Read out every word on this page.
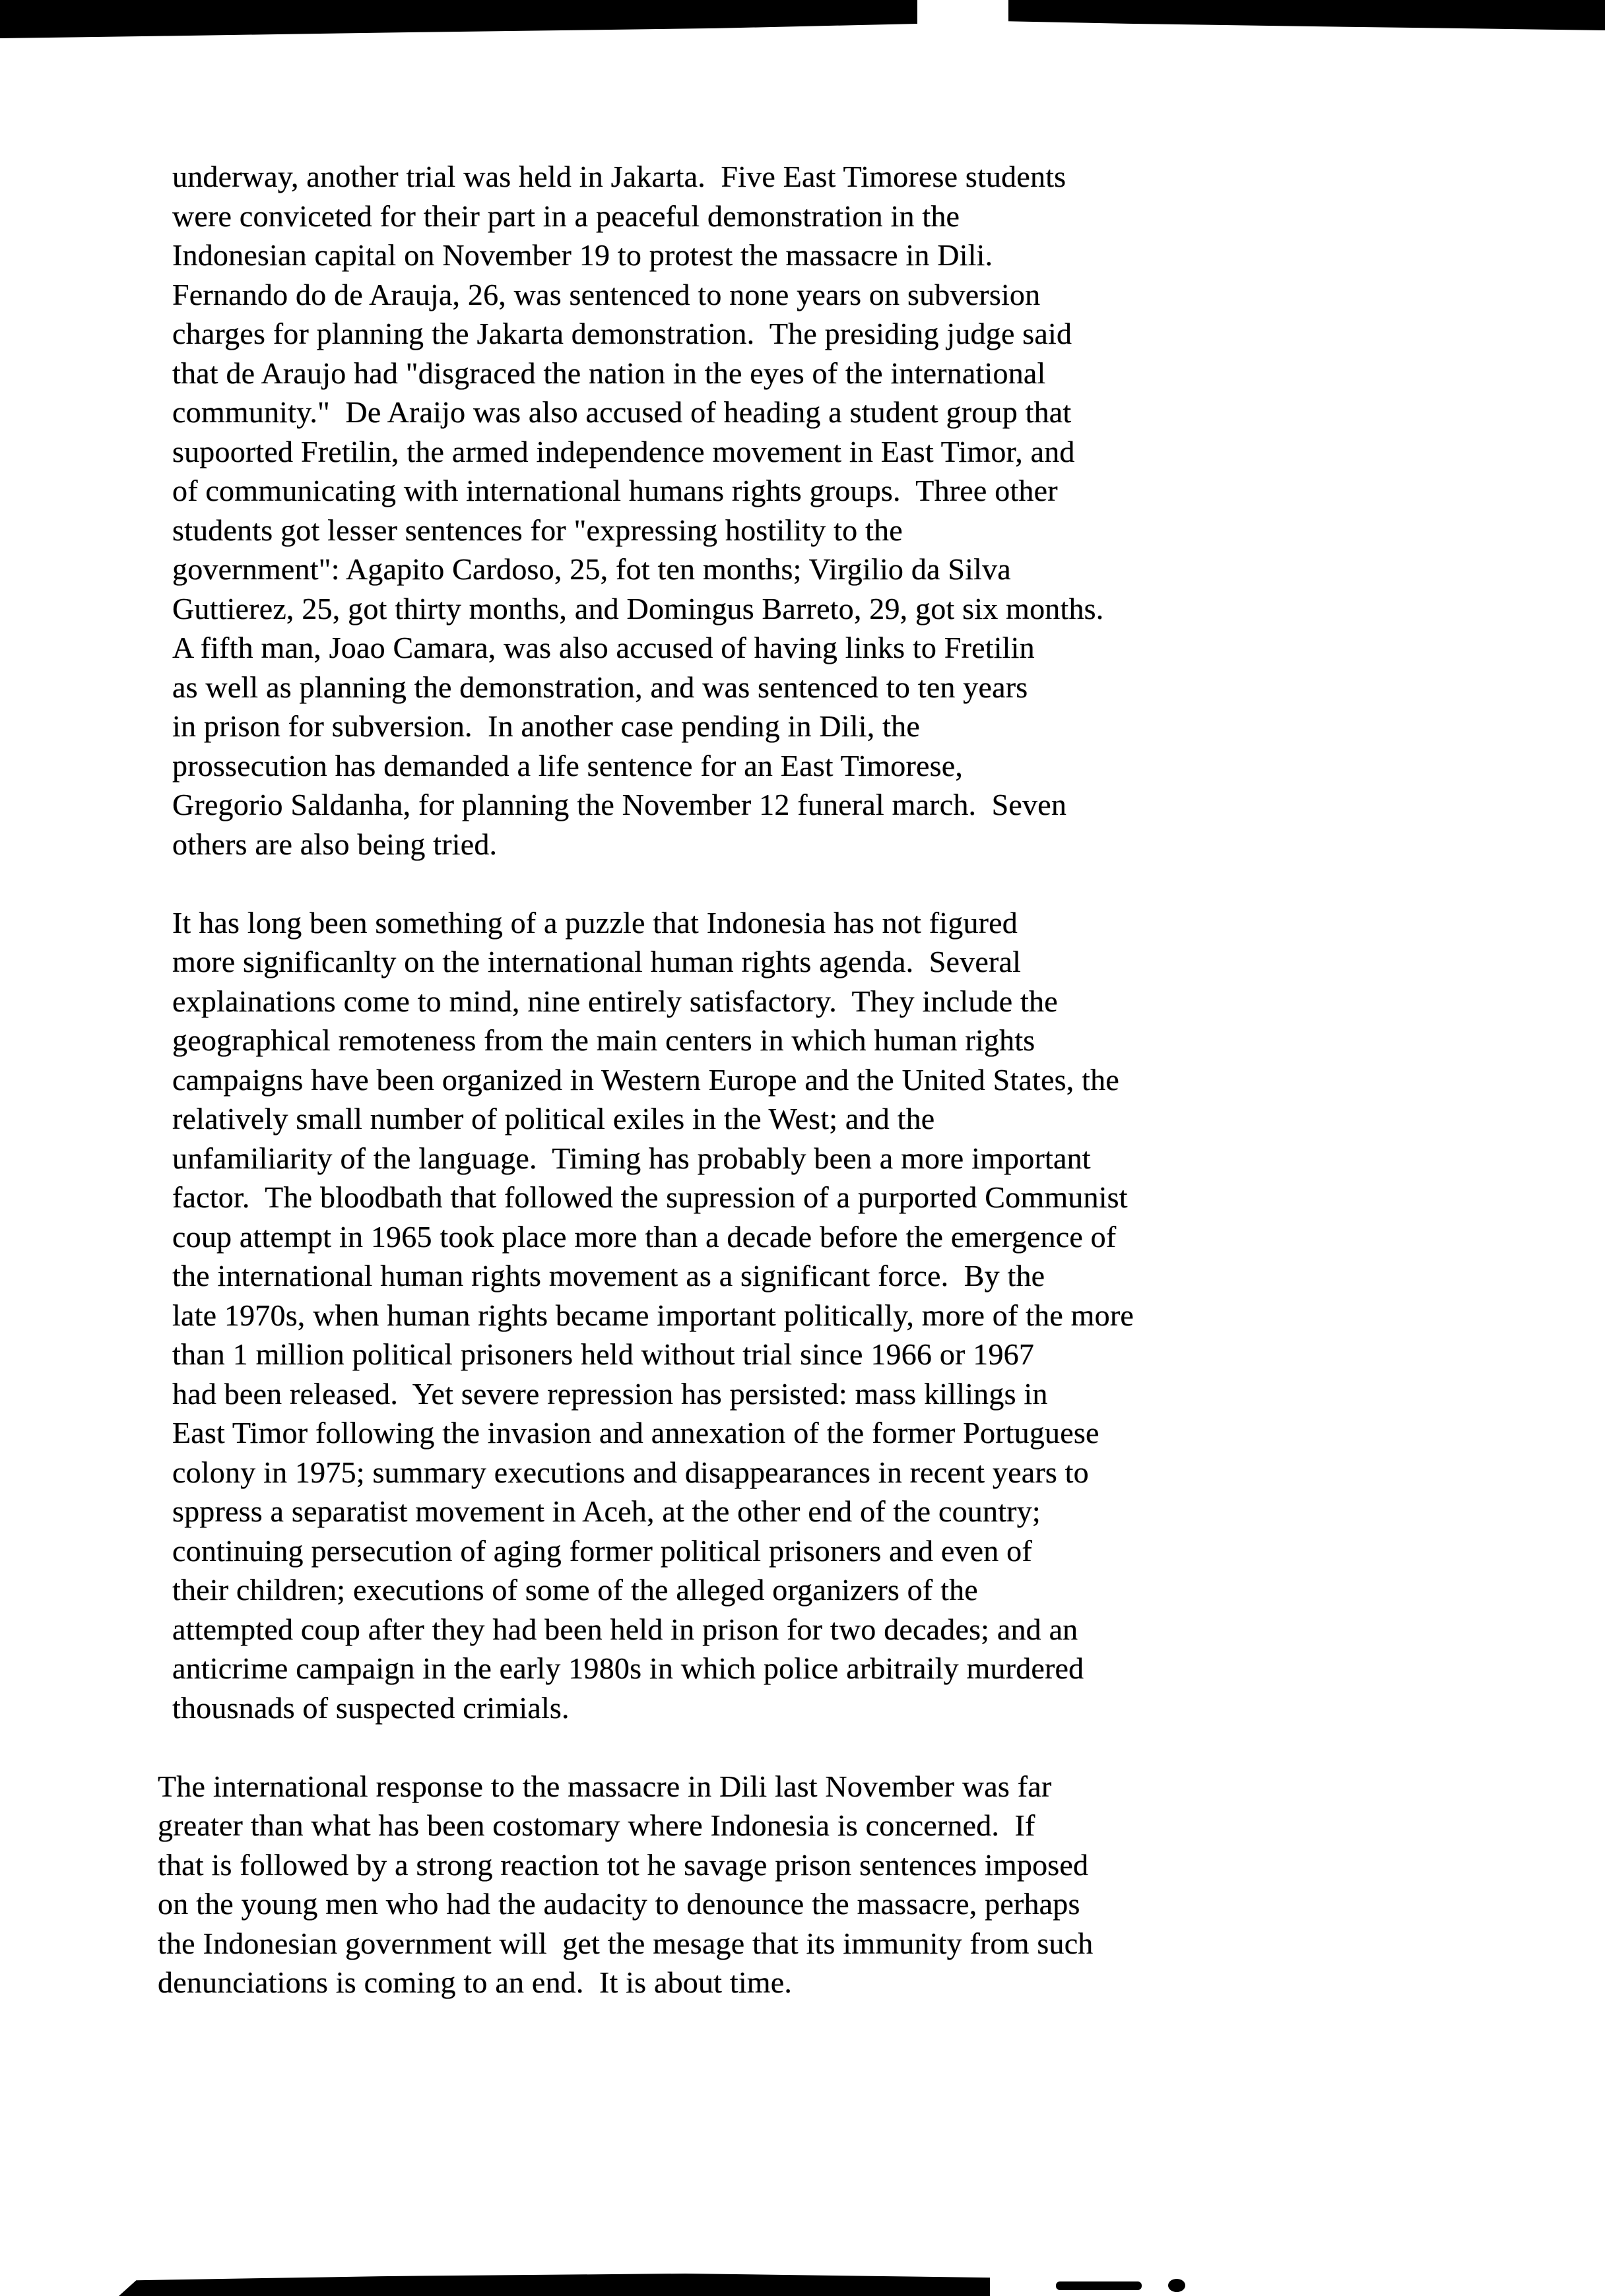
underway, another trial was held in Jakarta.  Five East Timorese students
were conviceted for their part in a peaceful demonstration in the
Indonesian capital on November 19 to protest the massacre in Dili.
Fernando do de Arauja, 26, was sentenced to none years on subversion
charges for planning the Jakarta demonstration.  The presiding judge said
that de Araujo had "disgraced the nation in the eyes of the international
community."  De Araijo was also accused of heading a student group that
supoorted Fretilin, the armed independence movement in East Timor, and
of communicating with international humans rights groups.  Three other
students got lesser sentences for "expressing hostility to the
government": Agapito Cardoso, 25, fot ten months; Virgilio da Silva
Guttierez, 25, got thirty months, and Domingus Barreto, 29, got six months.
A fifth man, Joao Camara, was also accused of having links to Fretilin
as well as planning the demonstration, and was sentenced to ten years
in prison for subversion.  In another case pending in Dili, the
prossecution has demanded a life sentence for an East Timorese,
Gregorio Saldanha, for planning the November 12 funeral march.  Seven
others are also being tried.

It has long been something of a puzzle that Indonesia has not figured
more significanlty on the international human rights agenda.  Several
explainations come to mind, nine entirely satisfactory.  They include the
geographical remoteness from the main centers in which human rights
campaigns have been organized in Western Europe and the United States, the
relatively small number of political exiles in the West; and the
unfamiliarity of the language.  Timing has probably been a more important
factor.  The bloodbath that followed the supression of a purported Communist
coup attempt in 1965 took place more than a decade before the emergence of
the international human rights movement as a significant force.  By the
late 1970s, when human rights became important politically, more of the more
than 1 million political prisoners held without trial since 1966 or 1967
had been released.  Yet severe repression has persisted: mass killings in
East Timor following the invasion and annexation of the former Portuguese
colony in 1975; summary executions and disappearances in recent years to
sppress a separatist movement in Aceh, at the other end of the country;
continuing persecution of aging former political prisoners and even of
their children; executions of some of the alleged organizers of the
attempted coup after they had been held in prison for two decades; and an
anticrime campaign in the early 1980s in which police arbitraily murdered
thousnads of suspected crimials.

The international response to the massacre in Dili last November was far
greater than what has been costomary where Indonesia is concerned.  If
that is followed by a strong reaction tot he savage prison sentences imposed
on the young men who had the audacity to denounce the massacre, perhaps
the Indonesian government will  get the mesage that its immunity from such
denunciations is coming to an end.  It is about time.
